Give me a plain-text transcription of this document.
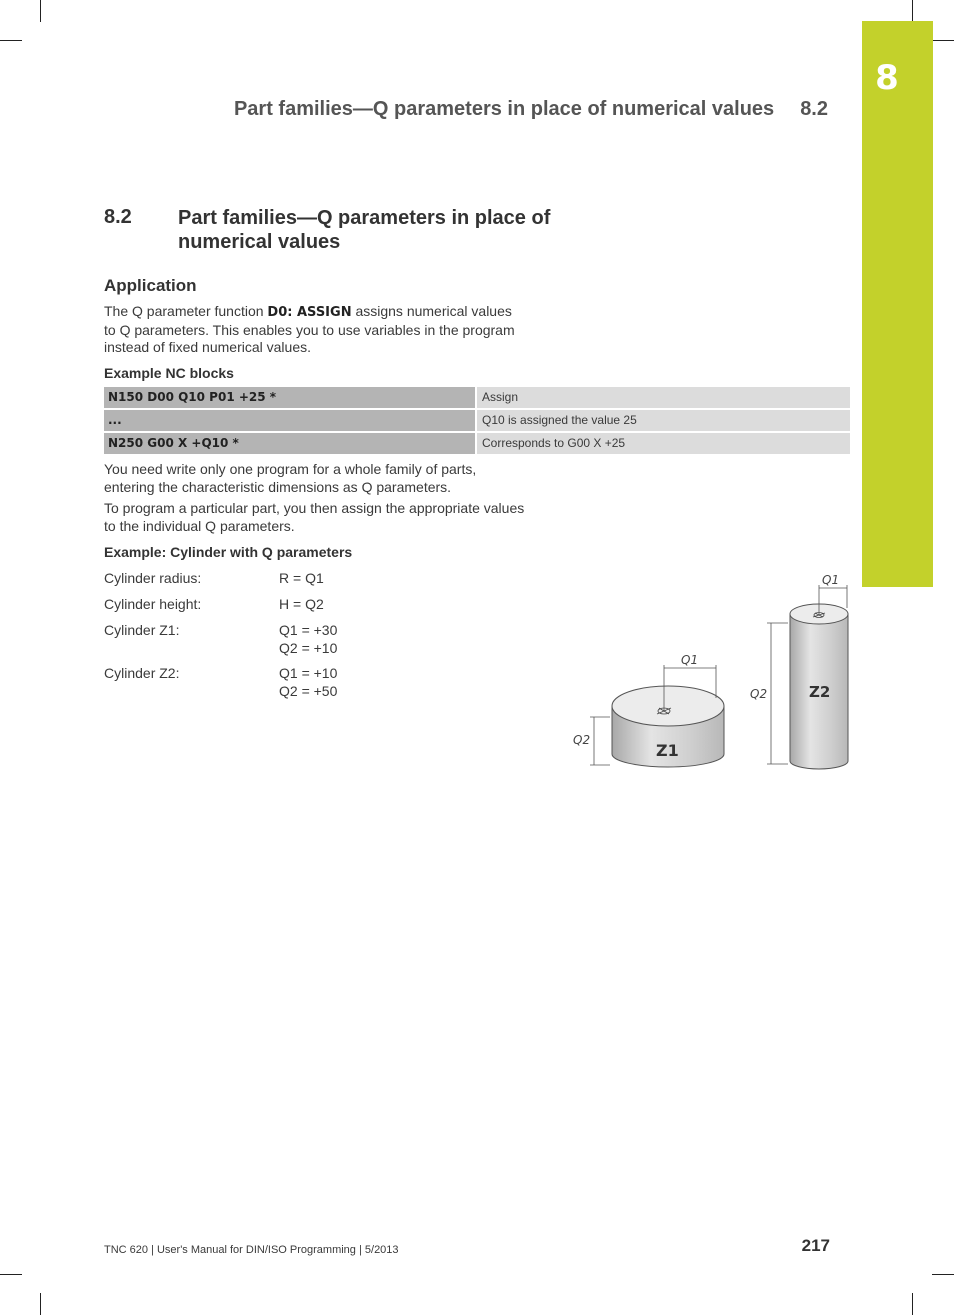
8
Part families—Q parameters in place of numerical values 8.2
8.2 Part families—Q parameters in place of
numerical values
Application
The Q parameter function D0: ASSIGN assigns numerical values
to Q parameters. This enables you to use variables in the program
instead of fixed numerical values.
Example NC blocks
N150 D00 Q10 P01 +25 *	Assign
...	Q10 is assigned the value 25
N250 G00 X +Q10 *	Corresponds to G00 X +25
You need write only one program for a whole family of parts,
entering the characteristic dimensions as Q parameters.
To program a particular part, you then assign the appropriate values
to the individual Q parameters.
Example: Cylinder with Q parameters
Cylinder radius:	R = Q1
Cylinder height:	H = Q2
Cylinder Z1:	Q1 = +30
Q2 = +10
Cylinder Z2:	Q1 = +10
Q2 = +50
Z1
Z2
Q1
Q2
Q1
Q2
TNC 620 | User's Manual for DIN/ISO Programming | 5/2013	217
